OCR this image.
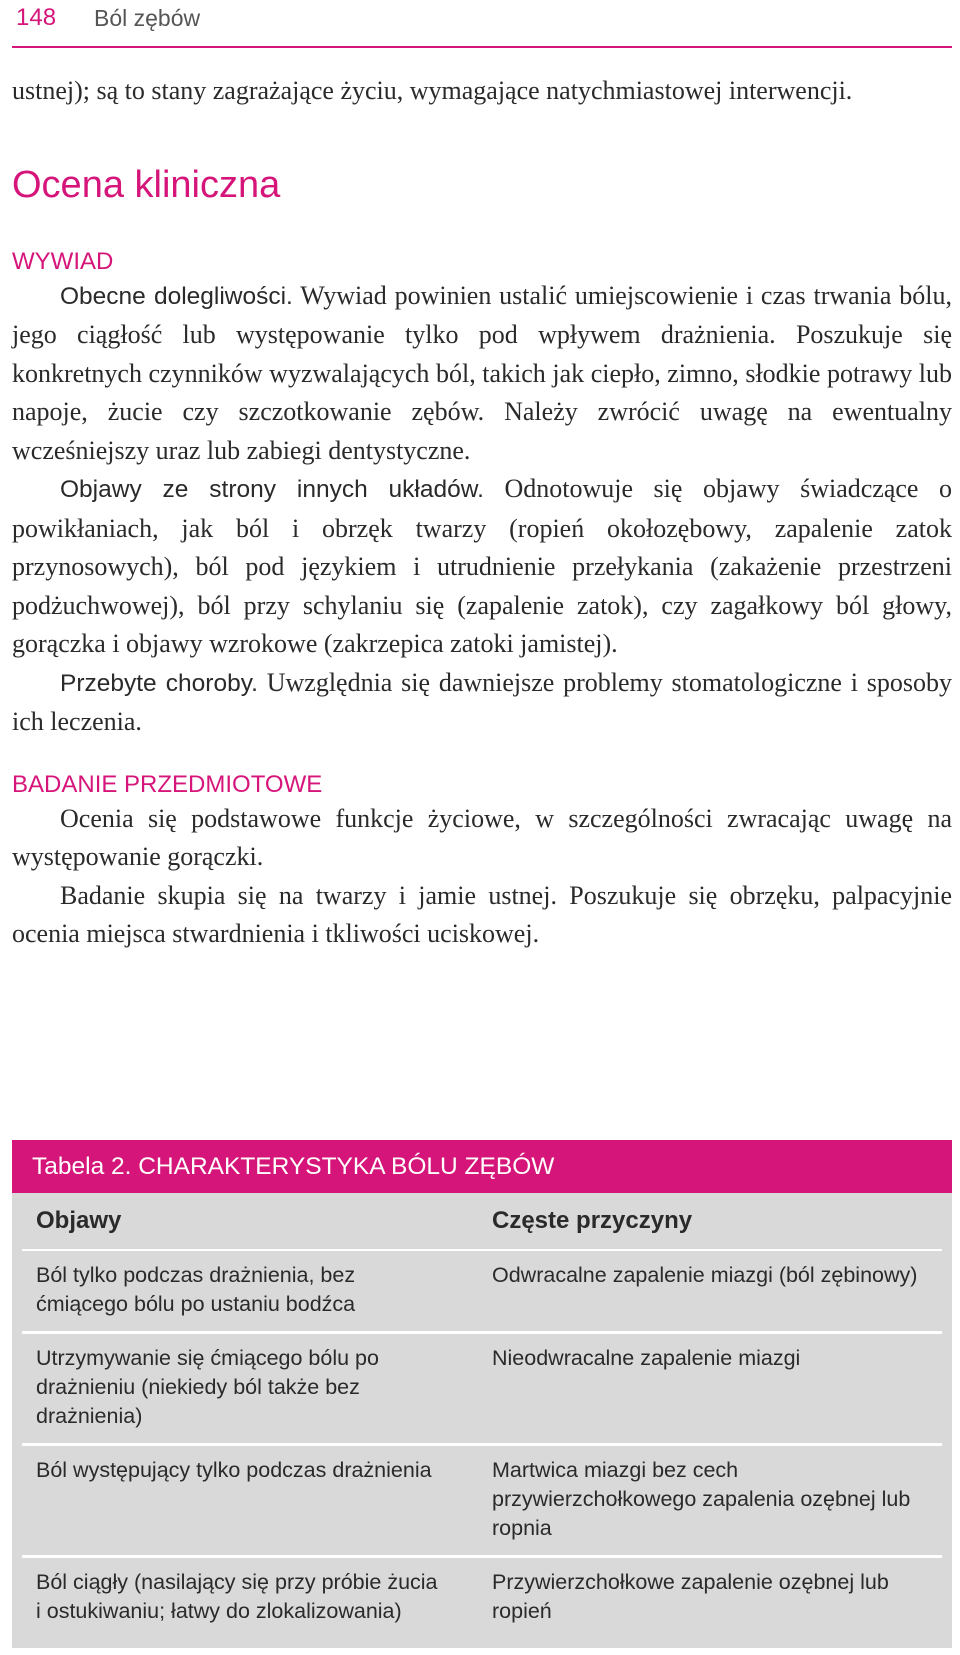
148 Ból zębów

ustnej); są to stany zagrażające życiu, wymagające natychmiastowej interwencji.

Ocena kliniczna
WYWIAD

Obecne dolegliwości. Wywiad powinien ustalić umiejscowienie i czas trwania bólu, jego ciągłość lub występowanie tylko pod wpływem drażnienia. Poszukuje się konkretnych czynników wyzwalających ból, takich jak ciepło, zimno, słodkie potrawy lub napoje, żucie czy szczotkowanie zębów. Należy zwrócić uwagę na ewentualny wcześniejszy uraz lub zabiegi dentystyczne.

Objawy ze strony innych układów. Odnotowuje się objawy świadczące o powikłaniach, jak ból i obrzęk twarzy (ropień okołozębowy, zapalenie zatok przynosowych), ból pod językiem i utrudnienie przełykania (zakażenie przestrzeni podżuchwowej), ból przy schylaniu się (zapalenie zatok), czy zagałkowy ból głowy, gorączka i objawy wzrokowe (zakrzepica zatoki jamistej).

Przebyte choroby. Uwzględnia się dawniejsze problemy stomatologiczne i sposoby ich leczenia.

BADANIE PRZEDMIOTOWE

Ocenia się podstawowe funkcje życiowe, w szczególności zwracając uwagę na występowanie gorączki.

Badanie skupia się na twarzy i jamie ustnej. Poszukuje się obrzęku, palpacyjnie ocenia miejsca stwardnienia i tkliwości uciskowej.

Tabela 2. CHARAKTERYSTYKA BÓLU ZĘBÓW
Objawy	Częste przyczyny
Ból tylko podczas drażnienia, bez ćmiącego bólu po ustaniu bodźca
Odwracalne zapalenie miazgi (ból zębinowy)
Utrzymywanie się ćmiącego bólu po drażnieniu (niekiedy ból także bez drażnienia)
Nieodwracalne zapalenie miazgi
Ból występujący tylko podczas drażnienia	Martwica miazgi bez cech przywierzchołkowego zapalenia ozębnej lub ropnia
Ból ciągły (nasilający się przy próbie żucia i ostukiwaniu; łatwy do zlokalizowania)
Przywierzchołkowe zapalenie ozębnej lub ropień
